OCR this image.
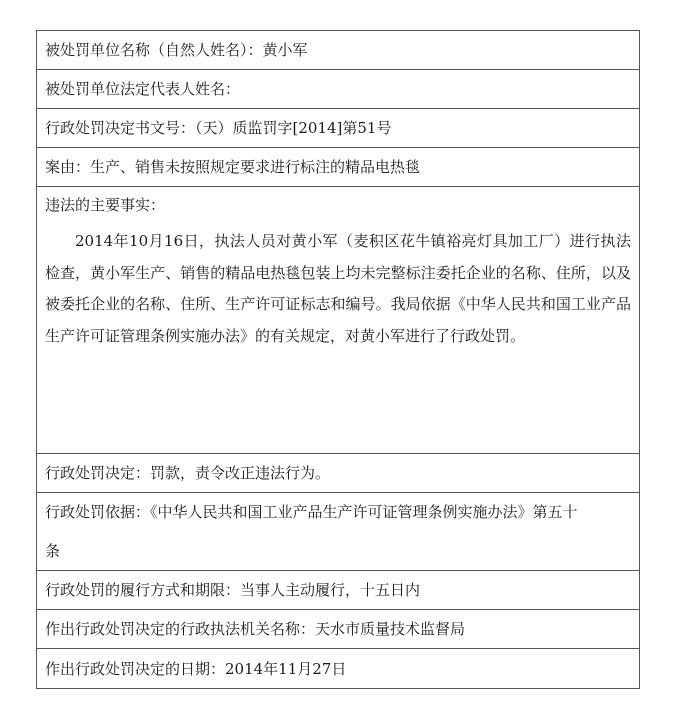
被处罚单位名称（自然人姓名）：黄小军
被处罚单位法定代表人姓名：
行政处罚决定书文号：（天）质监罚字[2014]第51号
案由：生产、销售未按照规定要求进行标注的精品电热毯
违法的主要事实：
2014年10月16日，执法人员对黄小军（麦积区花牛镇裕亮灯具加工厂）进行执法检查，黄小军生产、销售的精品电热毯包装上均未完整标注委托企业的名称、住所，以及被委托企业的名称、住所、生产许可证标志和编号。我局依据《中华人民共和国工业产品生产许可证管理条例实施办法》的有关规定，对黄小军进行了行政处罚。
行政处罚决定：罚款，责令改正违法行为。
行政处罚依据：《中华人民共和国工业产品生产许可证管理条例实施办法》第五十
条
行政处罚的履行方式和期限：当事人主动履行，十五日内
作出行政处罚决定的行政执法机关名称：天水市质量技术监督局
作出行政处罚决定的日期：2014年11月27日
